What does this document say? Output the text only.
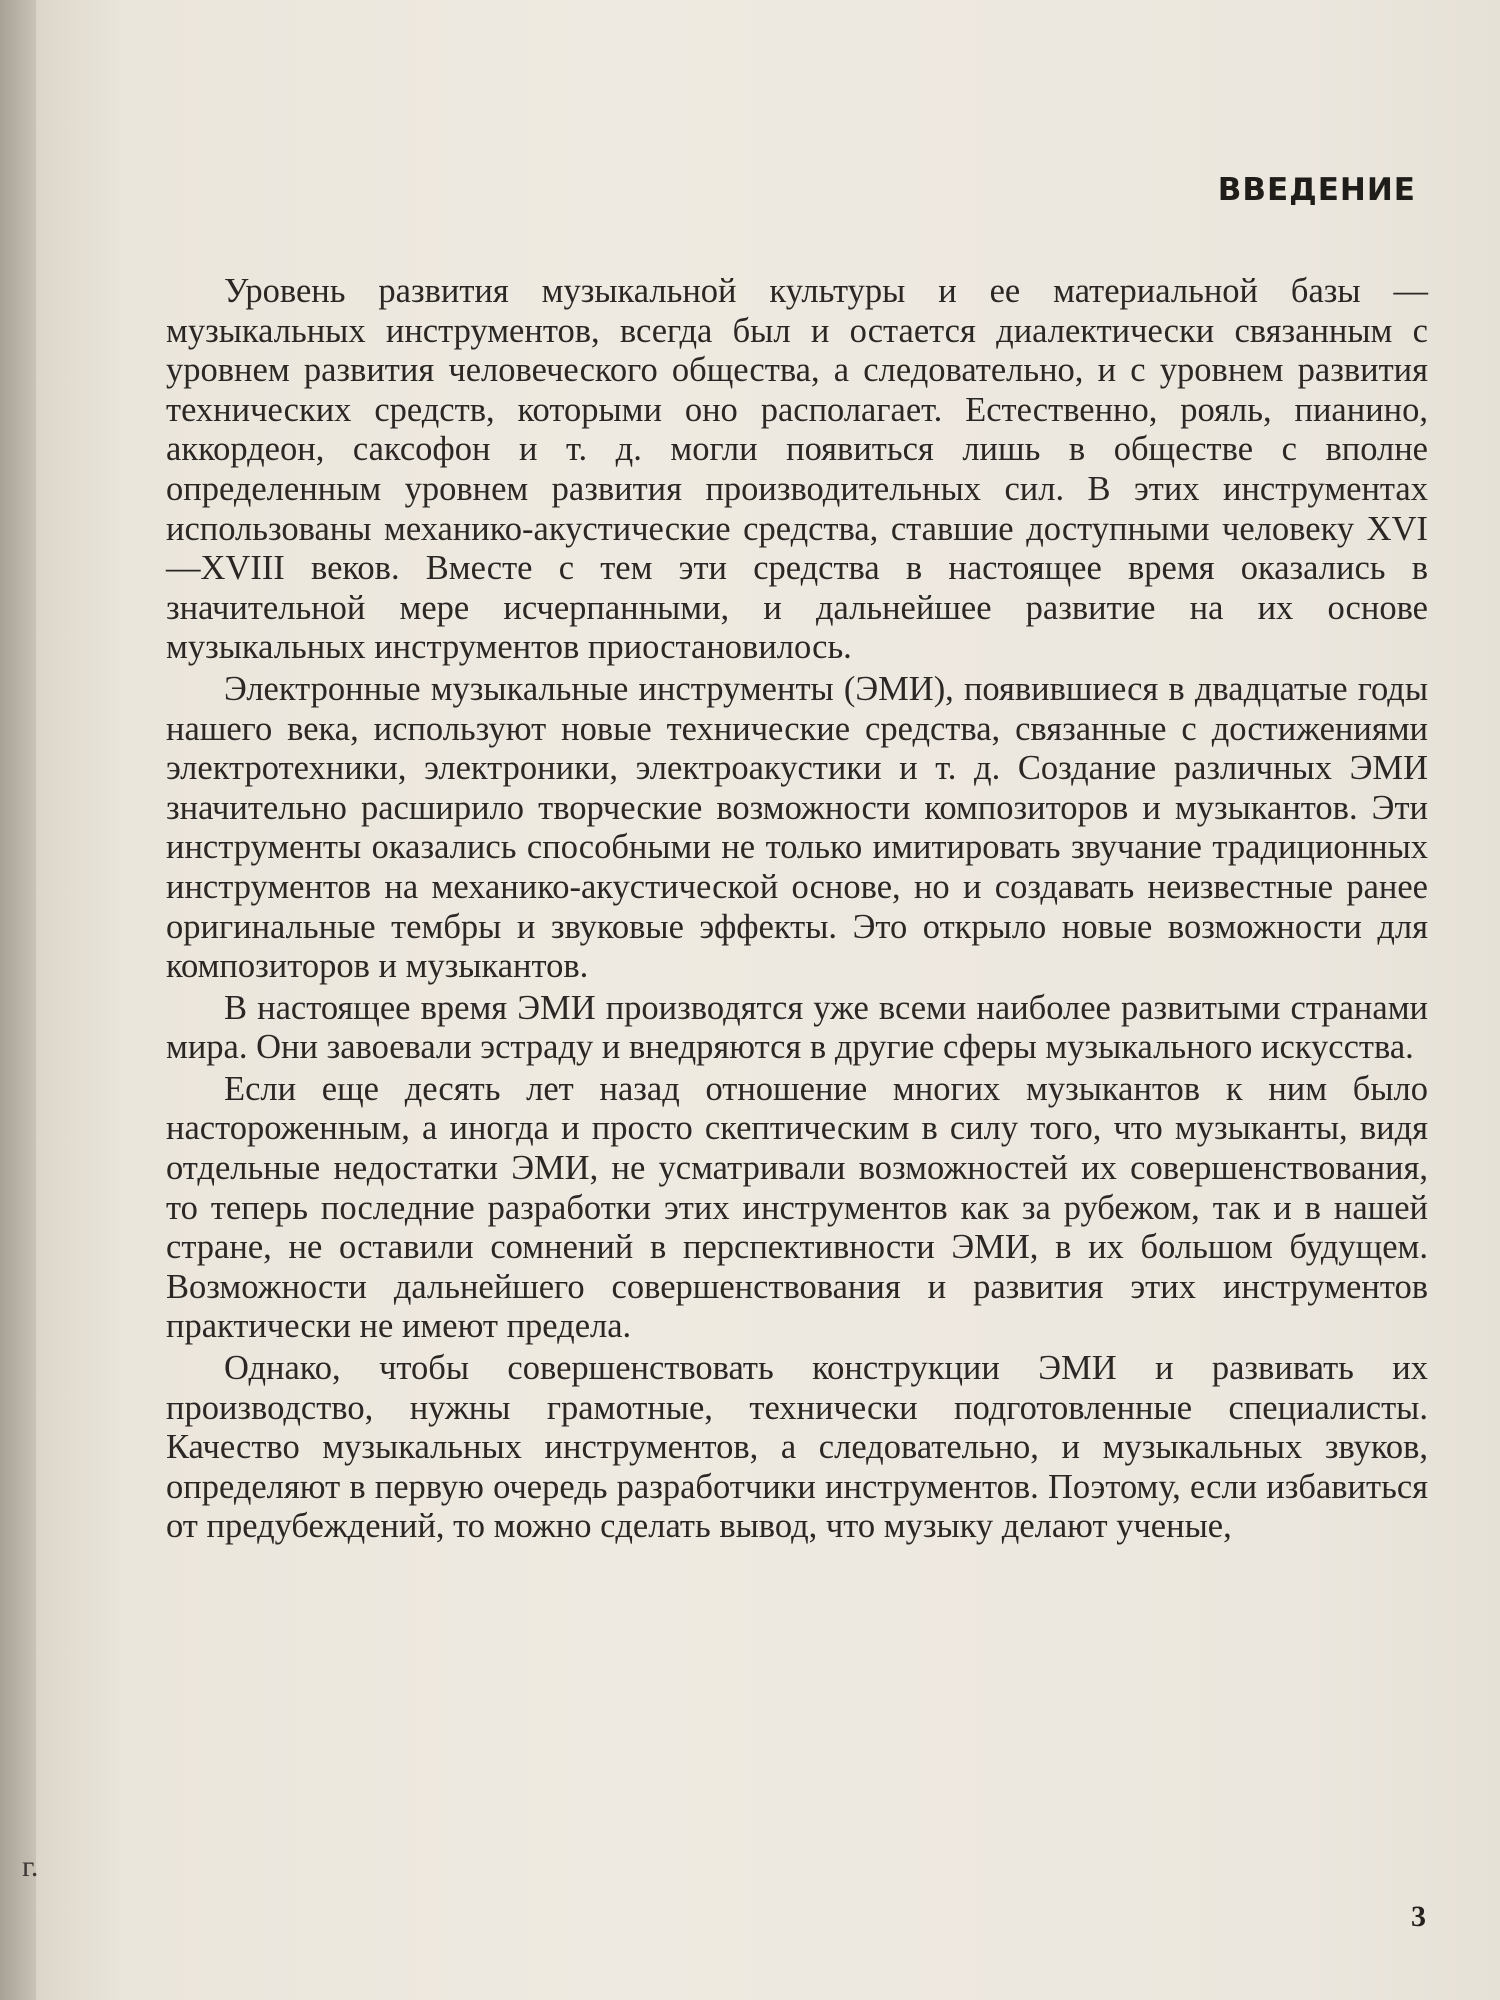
ВВЕДЕНИЕ

Уровень развития музыкальной культуры и ее материальной базы — музыкальных инструментов, всегда был и остается диалектически связанным с уровнем развития человеческого общества, а следовательно, и с уровнем развития технических средств, которыми оно располагает. Естественно, рояль, пианино, аккордеон, саксофон и т. д. могли появиться лишь в обществе с вполне определенным уровнем развития производительных сил. В этих инструментах использованы механико-акустические средства, ставшие доступными человеку XVI—XVIII веков. Вместе с тем эти средства в настоящее время оказались в значительной мере исчерпанными, и дальнейшее развитие на их основе музыкальных инструментов приостановилось.

Электронные музыкальные инструменты (ЭМИ), появившиеся в двадцатые годы нашего века, используют новые технические средства, связанные с достижениями электротехники, электроники, электроакустики и т. д. Создание различных ЭМИ значительно расширило творческие возможности композиторов и музыкантов. Эти инструменты оказались способными не только имитировать звучание традиционных инструментов на механико-акустической основе, но и создавать неизвестные ранее оригинальные тембры и звуковые эффекты. Это открыло новые возможности для композиторов и музыкантов.

В настоящее время ЭМИ производятся уже всеми наиболее развитыми странами мира. Они завоевали эстраду и внедряются в другие сферы музыкального искусства.

Если еще десять лет назад отношение многих музыкантов к ним было настороженным, а иногда и просто скептическим в силу того, что музыканты, видя отдельные недостатки ЭМИ, не усматривали возможностей их совершенствования, то теперь последние разработки этих инструментов как за рубежом, так и в нашей стране, не оставили сомнений в перспективности ЭМИ, в их большом будущем. Возможности дальнейшего совершенствования и развития этих инструментов практически не имеют предела.

Однако, чтобы совершенствовать конструкции ЭМИ и развивать их производство, нужны грамотные, технически подготовленные специалисты. Качество музыкальных инструментов, а следовательно, и музыкальных звуков, определяют в первую очередь разработчики инструментов. Поэтому, если избавиться от предубеждений, то можно сделать вывод, что музыку делают ученые,

г.
3
